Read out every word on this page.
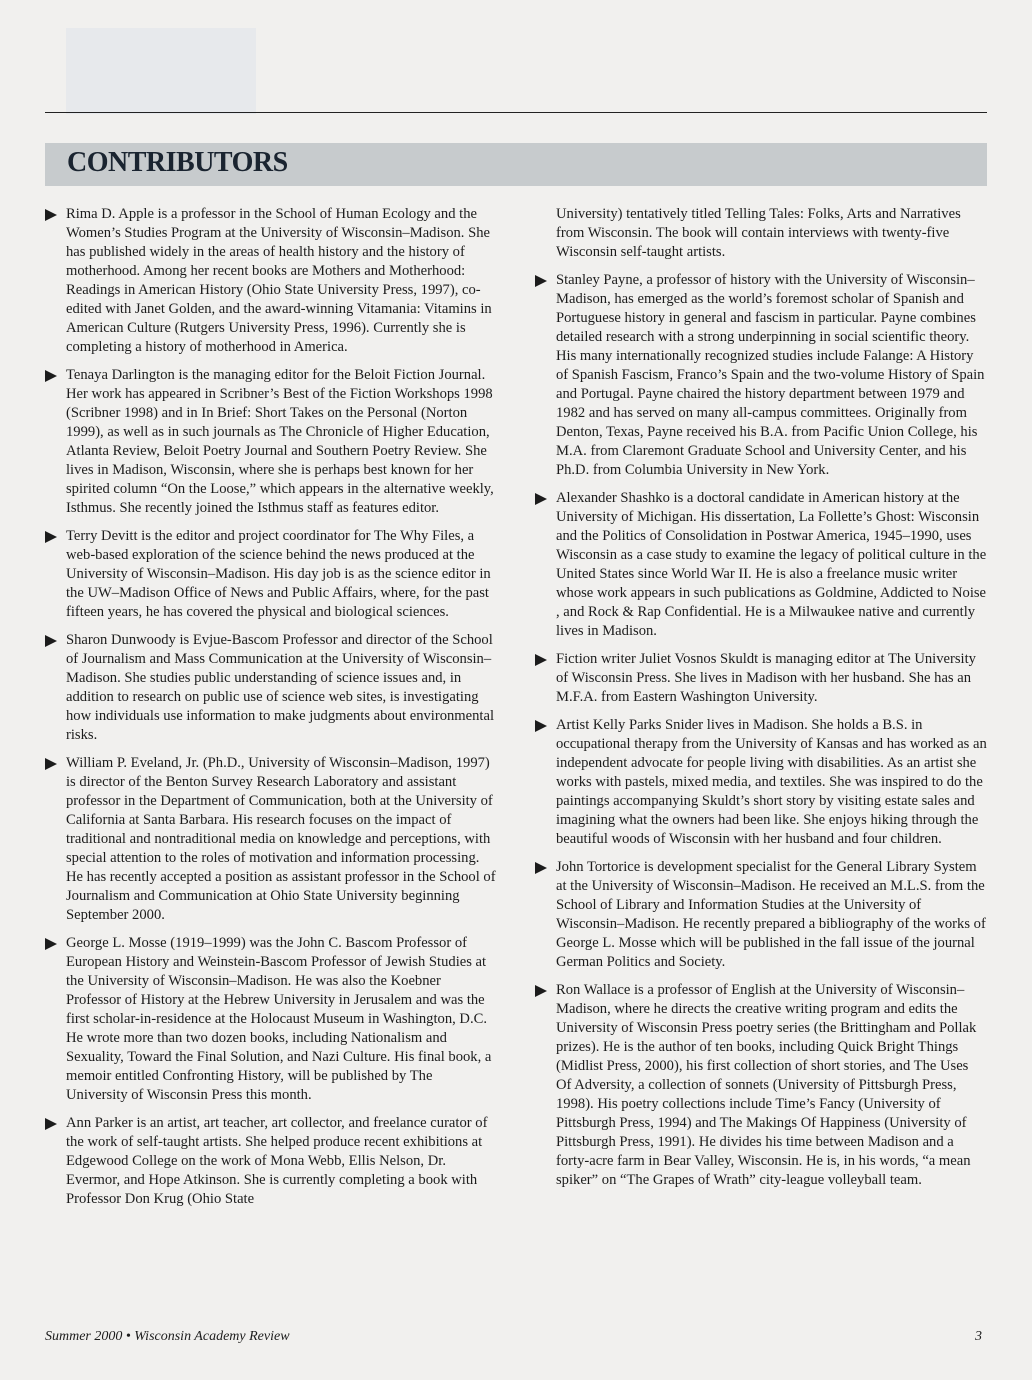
CONTRIBUTORS

Rima D. Apple is a professor in the School of Human Ecology and the Women’s Studies Program at the University of Wisconsin–Madison. She has published widely in the areas of health history and the history of motherhood. Among her recent books are Mothers and Motherhood: Readings in American History (Ohio State University Press, 1997), co-edited with Janet Golden, and the award-winning Vitamania: Vitamins in American Culture (Rutgers University Press, 1996). Currently she is completing a history of motherhood in America.

Tenaya Darlington is the managing editor for the Beloit Fiction Journal. Her work has appeared in Scribner’s Best of the Fiction Workshops 1998 (Scribner 1998) and in In Brief: Short Takes on the Personal (Norton 1999), as well as in such journals as The Chronicle of Higher Education, Atlanta Review, Beloit Poetry Journal and Southern Poetry Review. She lives in Madison, Wisconsin, where she is perhaps best known for her spirited column “On the Loose,” which appears in the alternative weekly, Isthmus. She recently joined the Isthmus staff as features editor.

Terry Devitt is the editor and project coordinator for The Why Files, a web-based exploration of the science behind the news produced at the University of Wisconsin–Madison. His day job is as the science editor in the UW–Madison Office of News and Public Affairs, where, for the past fifteen years, he has covered the physical and biological sciences.

Sharon Dunwoody is Evjue-Bascom Professor and director of the School of Journalism and Mass Communication at the University of Wisconsin–Madison. She studies public understanding of science issues and, in addition to research on public use of science web sites, is investigating how individuals use information to make judgments about environmental risks.

William P. Eveland, Jr. (Ph.D., University of Wisconsin–Madison, 1997) is director of the Benton Survey Research Laboratory and assistant professor in the Department of Communication, both at the University of California at Santa Barbara. His research focuses on the impact of traditional and nontraditional media on knowledge and perceptions, with special attention to the roles of motivation and information processing. He has recently accepted a position as assistant professor in the School of Journalism and Communication at Ohio State University beginning September 2000.

George L. Mosse (1919–1999) was the John C. Bascom Professor of European History and Weinstein-Bascom Professor of Jewish Studies at the University of Wisconsin–Madison. He was also the Koebner Professor of History at the Hebrew University in Jerusalem and was the first scholar-in-residence at the Holocaust Museum in Washington, D.C. He wrote more than two dozen books, including Nationalism and Sexuality, Toward the Final Solution, and Nazi Culture. His final book, a memoir entitled Confronting History, will be published by The University of Wisconsin Press this month.

Ann Parker is an artist, art teacher, art collector, and freelance curator of the work of self-taught artists. She helped produce recent exhibitions at Edgewood College on the work of Mona Webb, Ellis Nelson, Dr. Evermor, and Hope Atkinson. She is currently completing a book with Professor Don Krug (Ohio State

University) tentatively titled Telling Tales: Folks, Arts and Narratives from Wisconsin. The book will contain interviews with twenty-five Wisconsin self-taught artists.

Stanley Payne, a professor of history with the University of Wisconsin–Madison, has emerged as the world’s foremost scholar of Spanish and Portuguese history in general and fascism in particular. Payne combines detailed research with a strong underpinning in social scientific theory. His many internationally recognized studies include Falange: A History of Spanish Fascism, Franco’s Spain and the two-volume History of Spain and Portugal. Payne chaired the history department between 1979 and 1982 and has served on many all-campus committees. Originally from Denton, Texas, Payne received his B.A. from Pacific Union College, his M.A. from Claremont Graduate School and University Center, and his Ph.D. from Columbia University in New York.

Alexander Shashko is a doctoral candidate in American history at the University of Michigan. His dissertation, La Follette’s Ghost: Wisconsin and the Politics of Consolidation in Postwar America, 1945–1990, uses Wisconsin as a case study to examine the legacy of political culture in the United States since World War II. He is also a freelance music writer whose work appears in such publications as Goldmine, Addicted to Noise , and Rock & Rap Confidential. He is a Milwaukee native and currently lives in Madison.

Fiction writer Juliet Vosnos Skuldt is managing editor at The University of Wisconsin Press. She lives in Madison with her husband. She has an M.F.A. from Eastern Washington University.

Artist Kelly Parks Snider lives in Madison. She holds a B.S. in occupational therapy from the University of Kansas and has worked as an independent advocate for people living with disabilities. As an artist she works with pastels, mixed media, and textiles. She was inspired to do the paintings accompanying Skuldt’s short story by visiting estate sales and imagining what the owners had been like. She enjoys hiking through the beautiful woods of Wisconsin with her husband and four children.

John Tortorice is development specialist for the General Library System at the University of Wisconsin–Madison. He received an M.L.S. from the School of Library and Information Studies at the University of Wisconsin–Madison. He recently prepared a bibliography of the works of George L. Mosse which will be published in the fall issue of the journal German Politics and Society.

Ron Wallace is a professor of English at the University of Wisconsin–Madison, where he directs the creative writing program and edits the University of Wisconsin Press poetry series (the Brittingham and Pollak prizes). He is the author of ten books, including Quick Bright Things (Midlist Press, 2000), his first collection of short stories, and The Uses Of Adversity, a collection of sonnets (University of Pittsburgh Press, 1998). His poetry collections include Time’s Fancy (University of Pittsburgh Press, 1994) and The Makings Of Happiness (University of Pittsburgh Press, 1991). He divides his time between Madison and a forty-acre farm in Bear Valley, Wisconsin. He is, in his words, “a mean spiker” on “The Grapes of Wrath” city-league volleyball team.

Summer 2000 • Wisconsin Academy Review	3
